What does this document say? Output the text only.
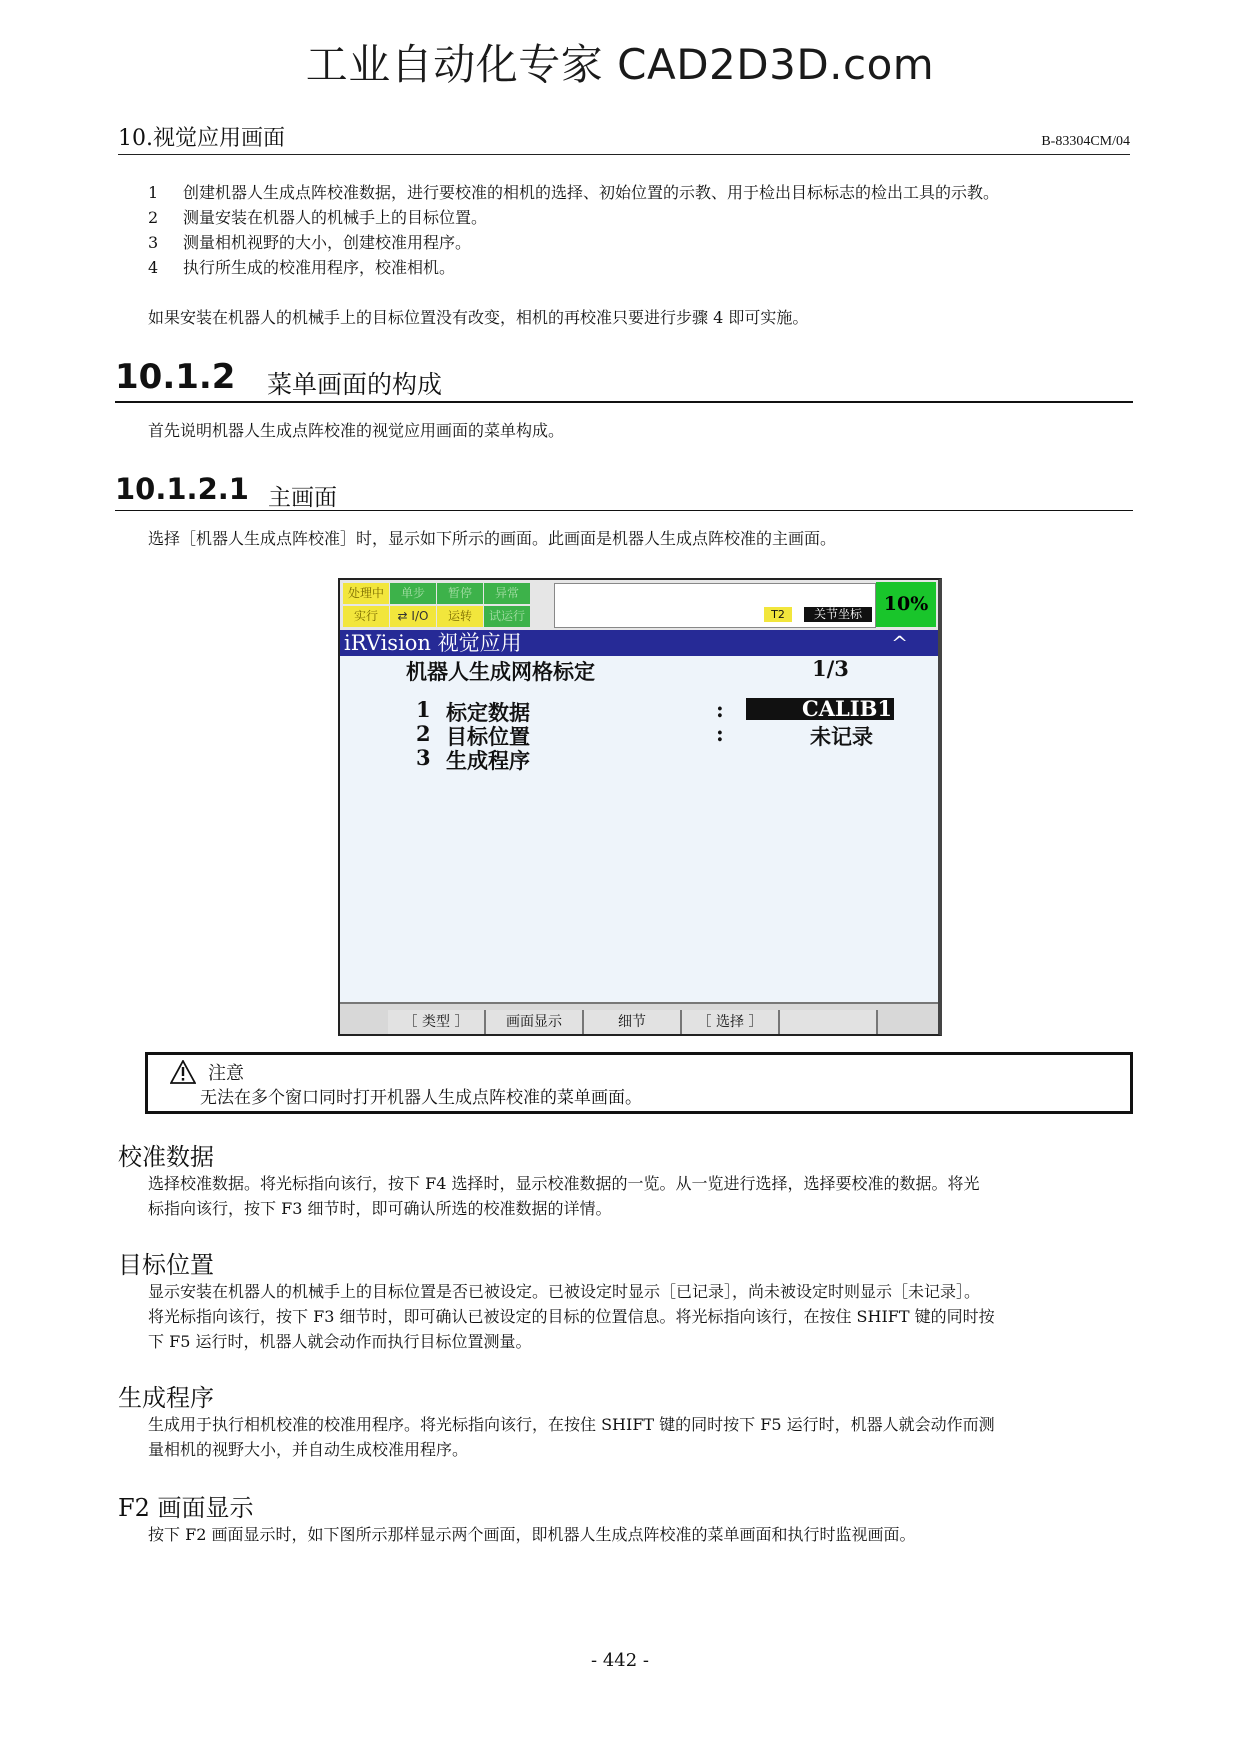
工业自动化专家 CAD2D3D.com
10.视觉应用画面	B-83304CM/04
1	创建机器人生成点阵校准数据，进行要校准的相机的选择、初始位置的示教、用于检出目标标志的检出工具的示教。
2	测量安装在机器人的机械手上的目标位置。
3	测量相机视野的大小，创建校准用程序。
4	执行所生成的校准用程序，校准相机。
如果安装在机器人的机械手上的目标位置没有改变，相机的再校准只要进行步骤 4 即可实施。
10.1.2 菜单画面的构成
首先说明机器人生成点阵校准的视觉应用画面的菜单构成。
10.1.2.1 主画面
选择［机器人生成点阵校准］时，显示如下所示的画面。此画面是机器人生成点阵校准的主画面。
处理中	单步	暂停	异常
实行	⇄ I/O	运转	试运行	T2	关节坐标	10%
iRVision 视觉应用	^
机器人生成网格标定	1/3
1 标定数据	:	CALIB1
2 目标位置	:	未记录
3 生成程序
［ 类型 ］	画面显示	细节	［ 选择 ］
注意
无法在多个窗口同时打开机器人生成点阵校准的菜单画面。
校准数据
选择校准数据。将光标指向该行，按下 F4 选择时，显示校准数据的一览。从一览进行选择，选择要校准的数据。将光
标指向该行，按下 F3 细节时，即可确认所选的校准数据的详情。
目标位置
显示安装在机器人的机械手上的目标位置是否已被设定。已被设定时显示［已记录］，尚未被设定时则显示［未记录］。
将光标指向该行，按下 F3 细节时，即可确认已被设定的目标的位置信息。将光标指向该行，在按住 SHIFT 键的同时按
下 F5 运行时，机器人就会动作而执行目标位置测量。
生成程序
生成用于执行相机校准的校准用程序。将光标指向该行，在按住 SHIFT 键的同时按下 F5 运行时，机器人就会动作而测
量相机的视野大小，并自动生成校准用程序。
F2 画面显示
按下 F2 画面显示时，如下图所示那样显示两个画面，即机器人生成点阵校准的菜单画面和执行时监视画面。
- 442 -
